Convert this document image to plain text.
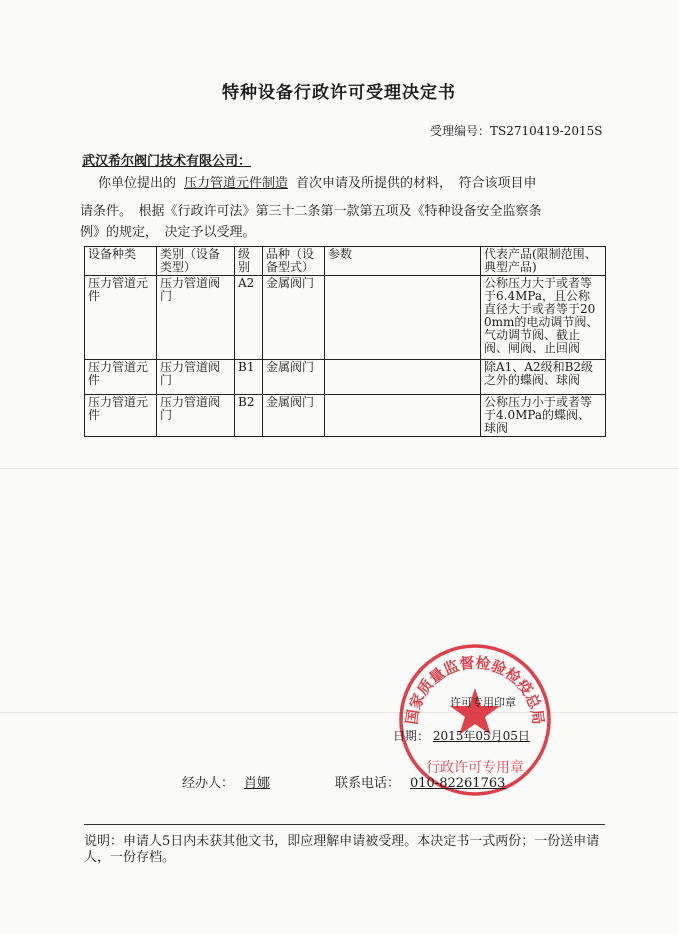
特种设备行政许可受理决定书
受理编号：TS2710419-2015S
武汉希尔阀门技术有限公司：
你单位提出的 压力管道元件制造 首次申请及所提供的材料，　符合该项目申
请条件。　根据《行政许可法》第三十二条第一款第五项及《特种设备安全监察条
例》的规定，　决定予以受理。
设备种类	类别（设备类型）	级别	品种（设备型式）	参数	代表产品(限制范围、典型产品)
压力管道元件	压力管道阀门	A2	金属阀门		公称压力大于或者等于6.4MPa，且公称直径大于或者等于200mm的电动调节阀、气动调节阀、截止阀、闸阀、止回阀
压力管道元件	压力管道阀门	B1	金属阀门		除A1、A2级和B2级之外的蝶阀、球阀
压力管道元件	压力管道阀门	B2	金属阀门		公称压力小于或者等于4.0MPa的蝶阀、球阀
国家质量监督检验检疫总局
行政许可专用章
许可专用印章
日期： 2015年05月05日
经办人： 肖娜	联系电话： 010-82261763
说明：申请人5日内未获其他文书，即应理解申请被受理。本决定书一式两份；一份送申请人，一份存档。
